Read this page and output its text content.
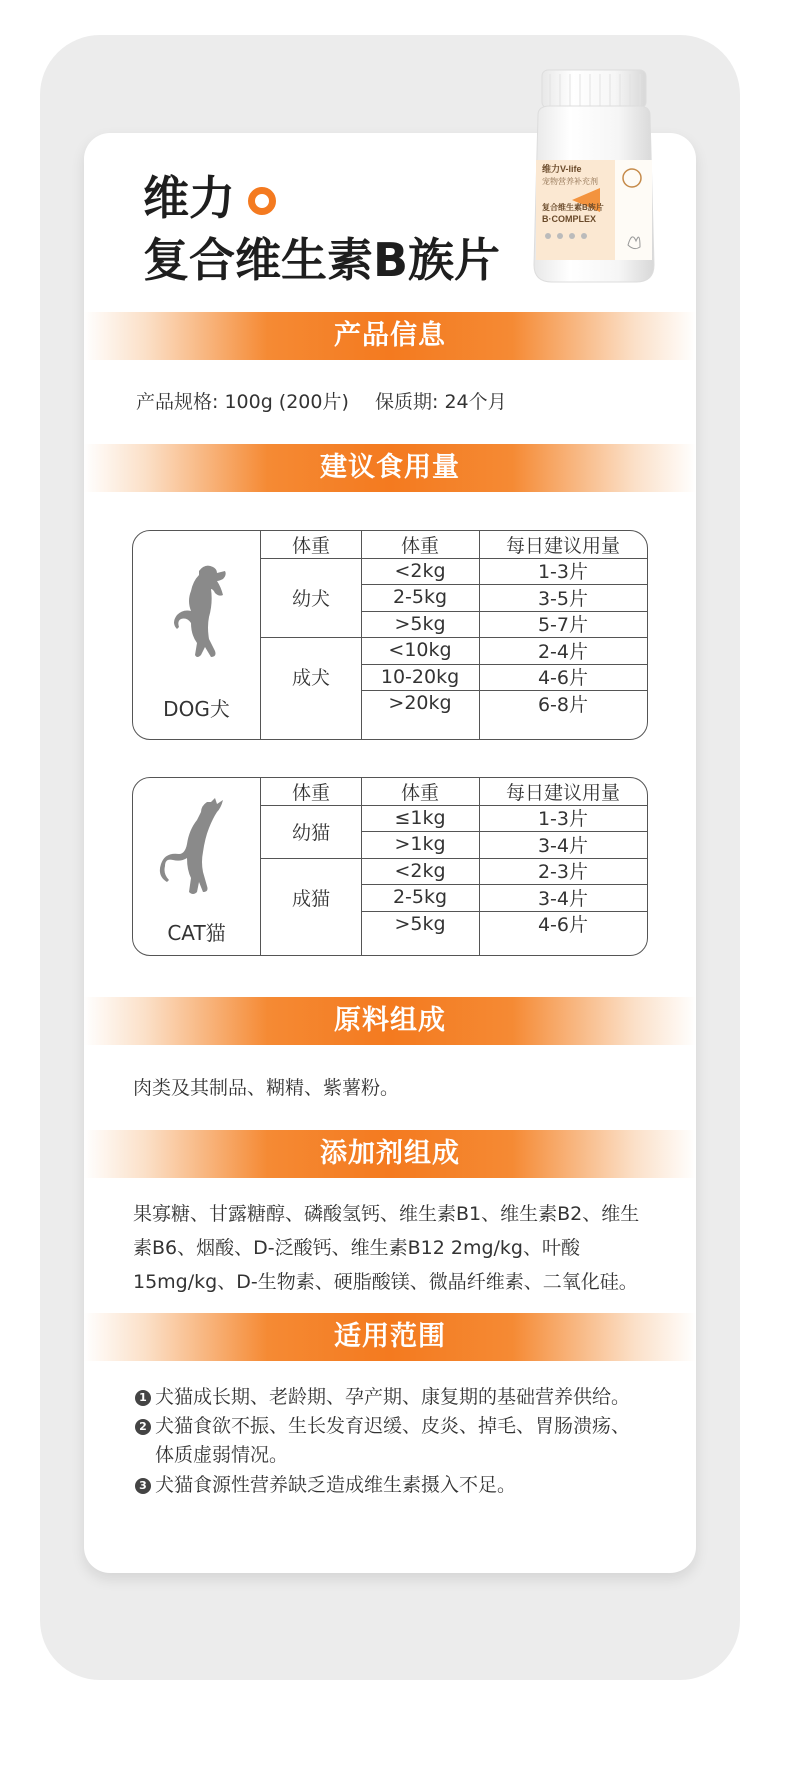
维力
复合维生素B族片
维力V-life
宠物营养补充剂
复合维生素B族片
B·COMPLEX
产品信息
产品规格: 100g (200片) 保质期: 24个月
建议食用量
DOG犬
体重	体重	每日建议用量
幼犬
<2kg	1-3片
2-5kg	3-5片
>5kg	5-7片
成犬
<10kg	2-4片
10-20kg	4-6片
>20kg	6-8片
CAT猫
体重	体重	每日建议用量
幼猫
≤1kg	1-3片
>1kg	3-4片
成猫
<2kg	2-3片
2-5kg	3-4片
>5kg	4-6片
原料组成
肉类及其制品、糊精、紫薯粉。
添加剂组成
果寡糖、甘露糖醇、磷酸氢钙、维生素B1、维生素B2、维生
素B6、烟酸、D-泛酸钙、维生素B12 2mg/kg、叶酸
15mg/kg、D-生物素、硬脂酸镁、微晶纤维素、二氧化硅。
适用范围
1 犬猫成长期、老龄期、孕产期、康复期的基础营养供给。
2 犬猫食欲不振、生长发育迟缓、皮炎、掉毛、胃肠溃疡、
体质虚弱情况。
3 犬猫食源性营养缺乏造成维生素摄入不足。
